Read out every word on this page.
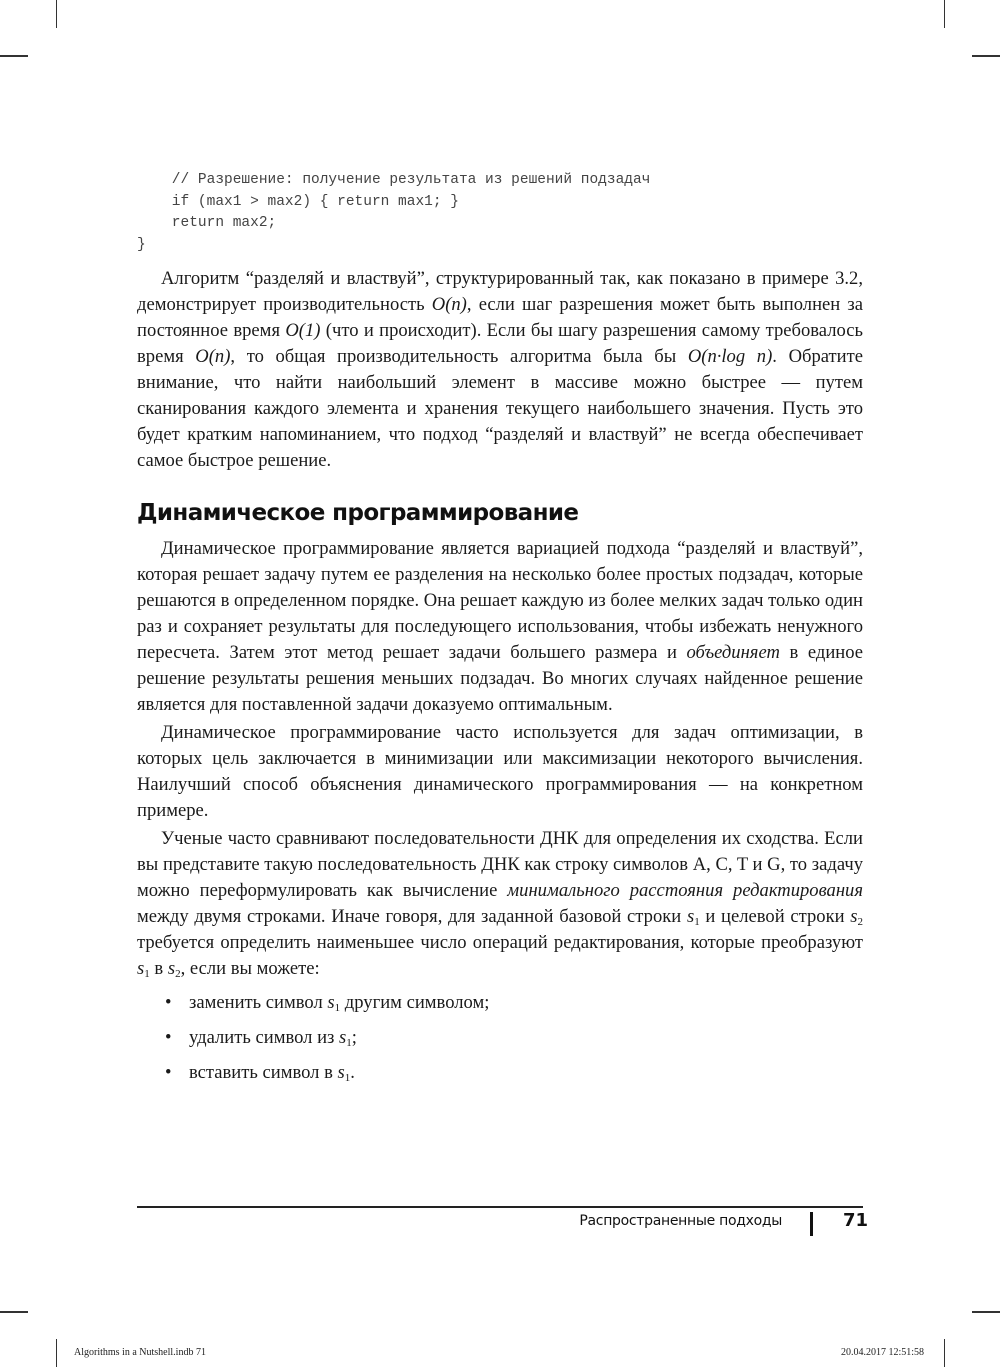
// Разрешение: получение результата из решений подзадач
if (max1 > max2) { return max1; }
return max2;
}

Алгоритм “разделяй и властвуй”, структурированный так, как показано в примере 3.2, демонстрирует производительность O(n), если шаг разрешения может быть выполнен за постоянное время O(1) (что и происходит). Если бы шагу разрешения самому требовалось время O(n), то общая производительность алгоритма была бы O(n·log n). Обратите внимание, что найти наибольший элемент в массиве можно быстрее — путем сканирования каждого элемента и хранения текущего наибольшего значения. Пусть это будет кратким напоминанием, что подход “разделяй и властвуй” не всегда обеспечивает самое быстрое решение.

Динамическое программирование

Динамическое программирование является вариацией подхода “разделяй и властвуй”, которая решает задачу путем ее разделения на несколько более простых подзадач, которые решаются в определенном порядке. Она решает каждую из более мелких задач только один раз и сохраняет результаты для последующего использования, чтобы избежать ненужного пересчета. Затем этот метод решает задачи большего размера и объединяет в единое решение результаты решения меньших подзадач. Во многих случаях найденное решение является для поставленной задачи доказуемо оптимальным.

Динамическое программирование часто используется для задач оптимизации, в которых цель заключается в минимизации или максимизации некоторого вычисления. Наилучший способ объяснения динамического программирования — на конкретном примере.

Ученые часто сравнивают последовательности ДНК для определения их сходства. Если вы представите такую последовательность ДНК как строку символов A, C, T и G, то задачу можно переформулировать как вычисление минимального расстояния редактирования между двумя строками. Иначе говоря, для заданной базовой строки $s_1$ и целевой строки $s_2$ требуется определить наименьшее число операций редактирования, которые преобразуют $s_1$ в $s_2$, если вы можете:

• заменить символ $s_1$ другим символом;
• удалить символ из $s_1$;
• вставить символ в $s_1$.
Распространенные подходы	71
Algorithms in a Nutshell.indb 71	20.04.2017 12:51:58
